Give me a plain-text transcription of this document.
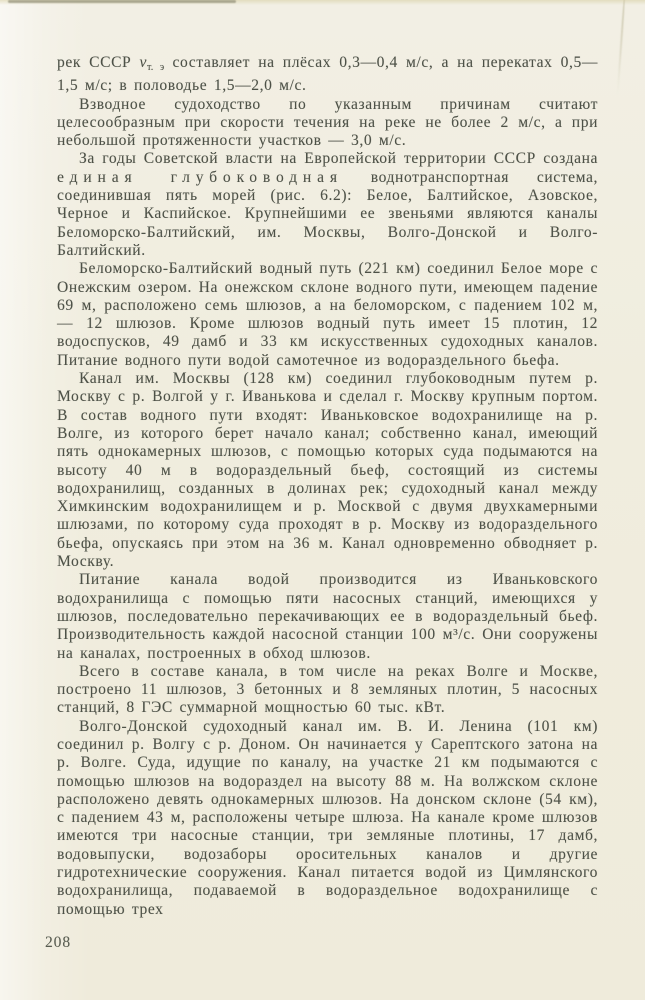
рек СССР $v_{т. э}$ составляет на плёсах 0,3—0,4 м/с, а на перекатах 0,5—1,5 м/с; в половодье 1,5—2,0 м/с.

Взводное судоходство по указанным причинам считают целесообразным при скорости течения на реке не более 2 м/с, а при небольшой протяженности участков — 3,0 м/с.

За годы Советской власти на Европейской территории СССР создана единая глубоководная воднотранспортная система, соединившая пять морей (рис. 6.2): Белое, Балтийское, Азовское, Черное и Каспийское. Крупнейшими ее звеньями являются каналы Беломорско-Балтийский, им. Москвы, Волго-Донской и Волго-Балтийский.

Беломорско-Балтийский водный путь (221 км) соединил Белое море с Онежским озером. На онежском склоне водного пути, имеющем падение 69 м, расположено семь шлюзов, а на беломорском, с падением 102 м, — 12 шлюзов. Кроме шлюзов водный путь имеет 15 плотин, 12 водоспусков, 49 дамб и 33 км искусственных судоходных каналов. Питание водного пути водой самотечное из водораздельного бьефа.

Канал им. Москвы (128 км) соединил глубоководным путем р. Москву с р. Волгой у г. Иванькова и сделал г. Москву крупным портом. В состав водного пути входят: Иваньковское водохранилище на р. Волге, из которого берет начало канал; собственно канал, имеющий пять однокамерных шлюзов, с помощью которых суда подымаются на высоту 40 м в водораздельный бьеф, состоящий из системы водохранилищ, созданных в долинах рек; судоходный канал между Химкинским водохранилищем и р. Москвой с двумя двухкамерными шлюзами, по которому суда проходят в р. Москву из водораздельного бьефа, опускаясь при этом на 36 м. Канал одновременно обводняет р. Москву.

Питание канала водой производится из Иваньковского водохранилища с помощью пяти насосных станций, имеющихся у шлюзов, последовательно перекачивающих ее в водораздельный бьеф. Производительность каждой насосной станции 100 м³/с. Они сооружены на каналах, построенных в обход шлюзов.

Всего в составе канала, в том числе на реках Волге и Москве, построено 11 шлюзов, 3 бетонных и 8 земляных плотин, 5 насосных станций, 8 ГЭС суммарной мощностью 60 тыс. кВт.

Волго-Донской судоходный канал им. В. И. Ленина (101 км) соединил р. Волгу с р. Доном. Он начинается у Сарептского затона на р. Волге. Суда, идущие по каналу, на участке 21 км подымаются с помощью шлюзов на водораздел на высоту 88 м. На волжском склоне расположено девять однокамерных шлюзов. На донском склоне (54 км), с падением 43 м, расположены четыре шлюза. На канале кроме шлюзов имеются три насосные станции, три земляные плотины, 17 дамб, водовыпуски, водозаборы оросительных каналов и другие гидротехнические сооружения. Канал питается водой из Цимлянского водохранилища, подаваемой в водораздельное водохранилище с помощью трех

208
